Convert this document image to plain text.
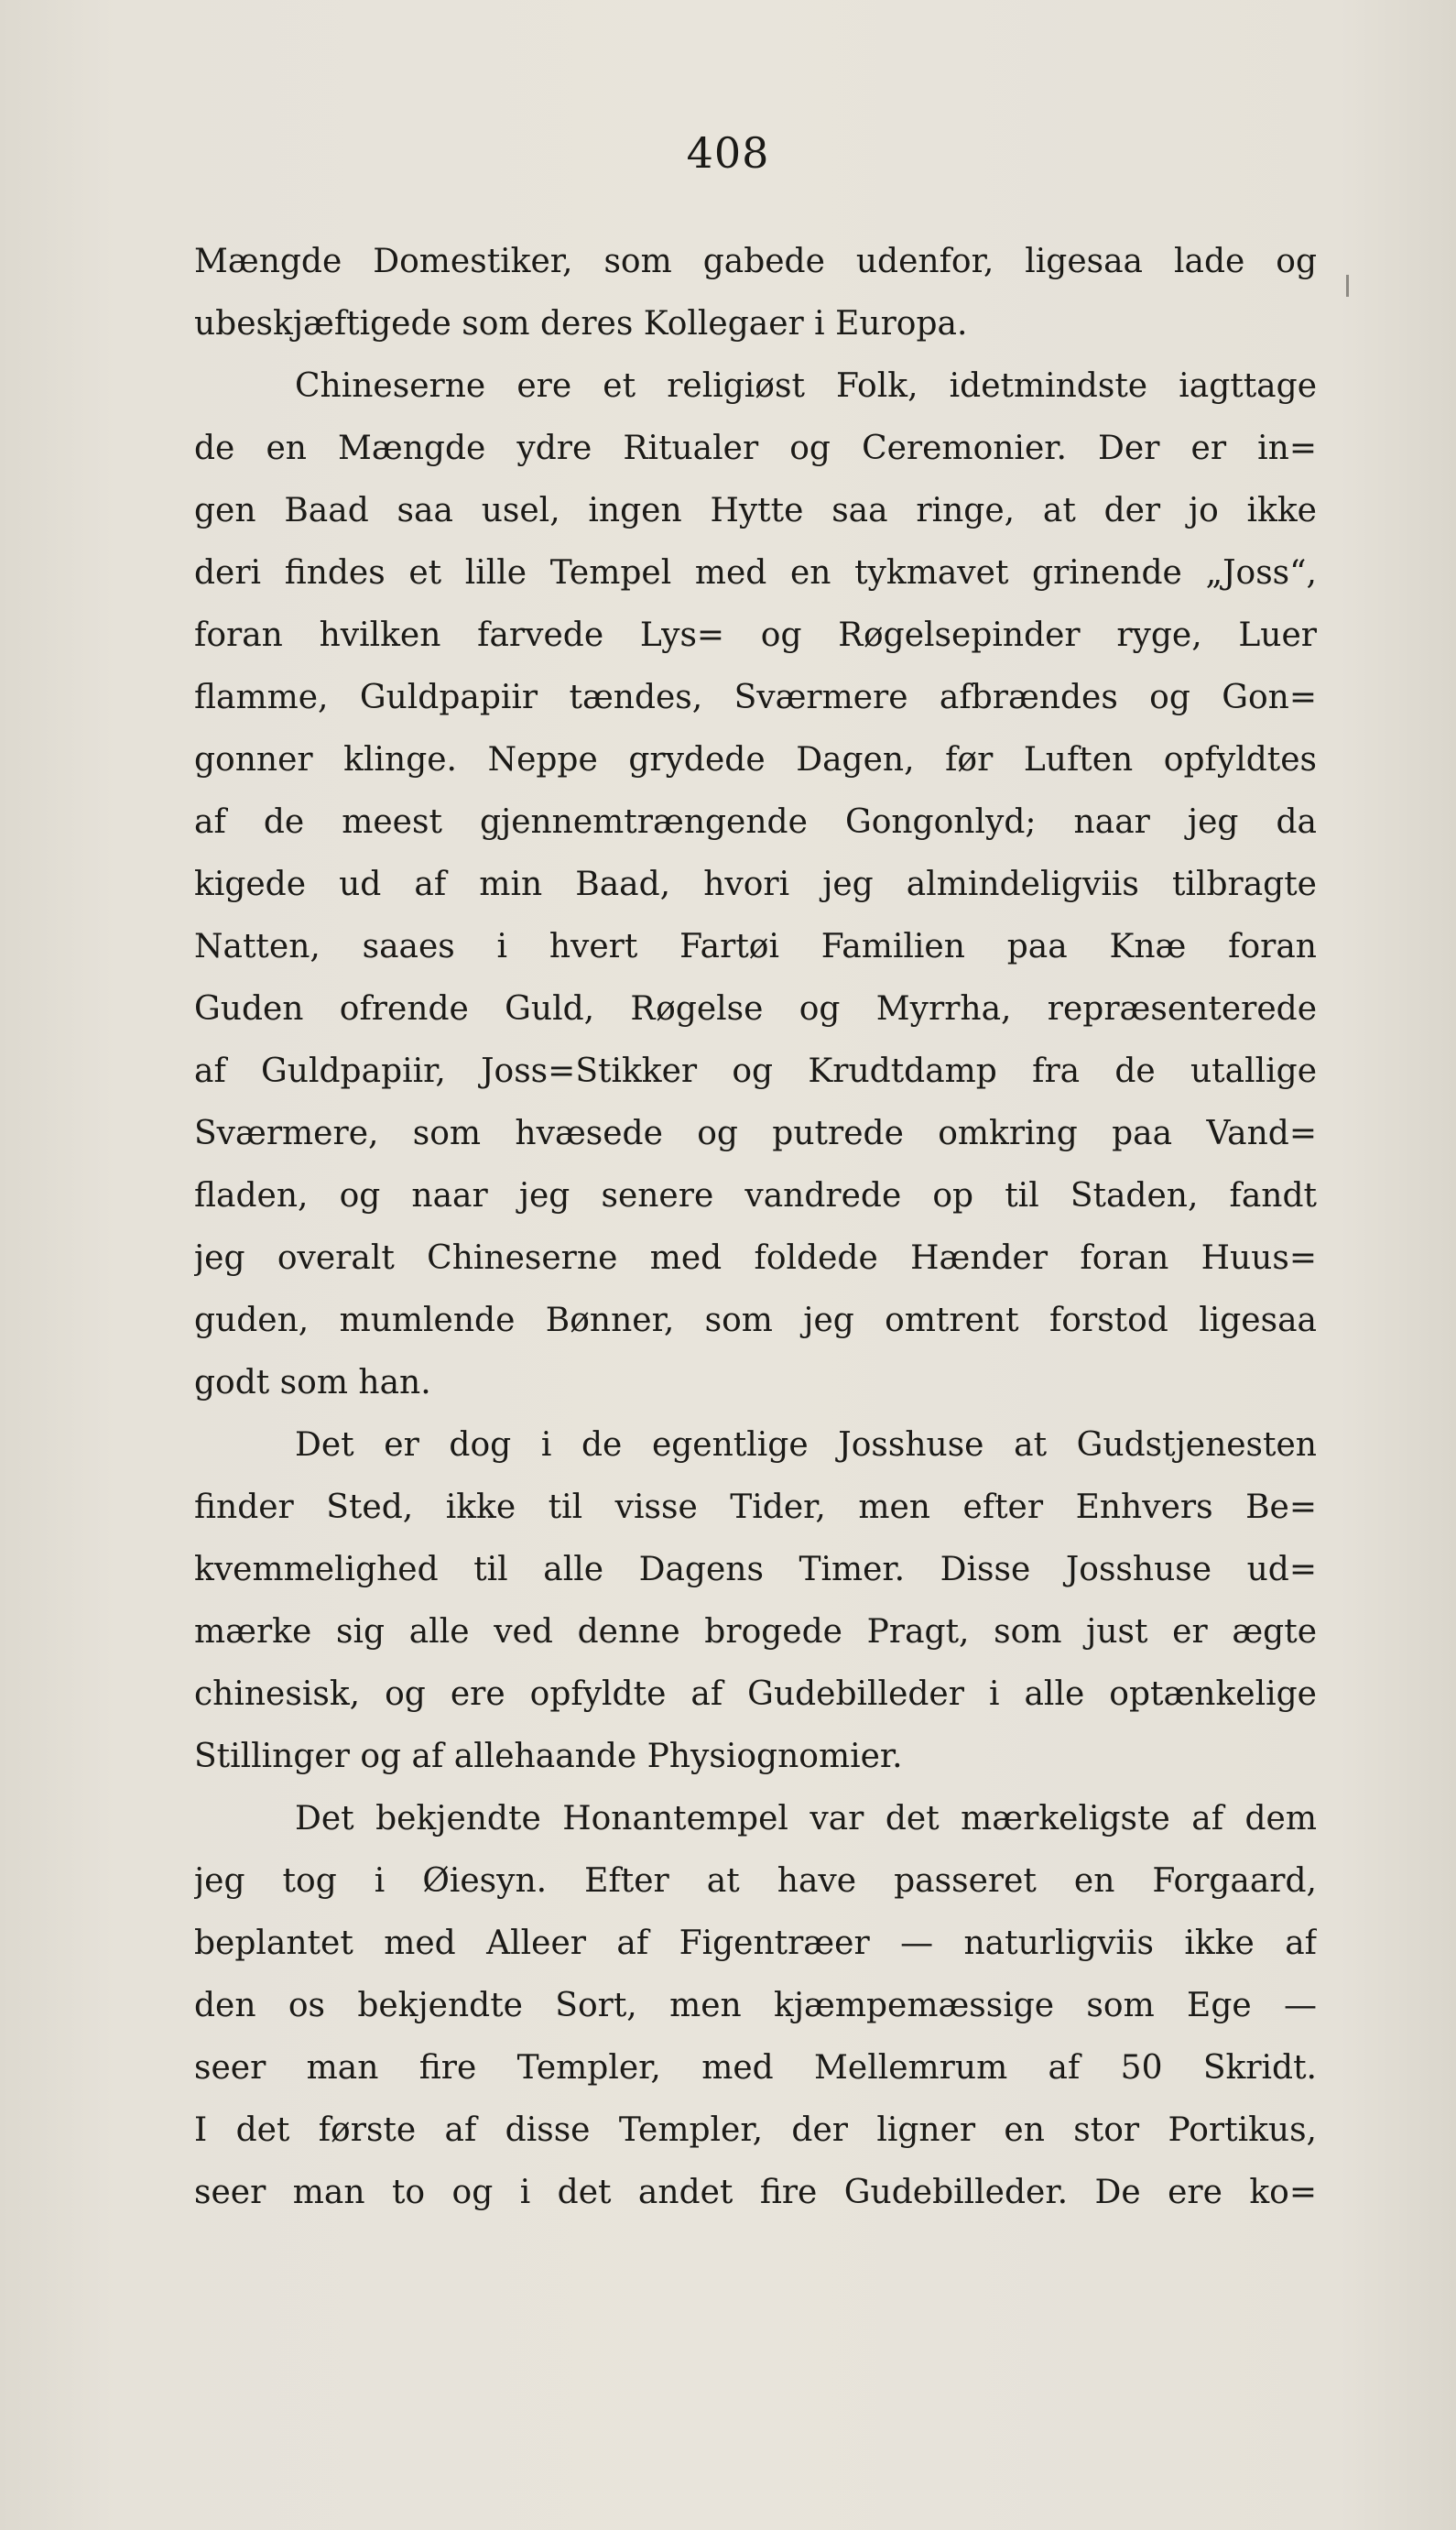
408
Mængde Domestiker, som gabede udenfor, ligesaa lade og
ubeskjæftigede som deres Kollegaer i Europa.
Chineserne ere et religiøst Folk, idetmindste iagttage
de en Mængde ydre Ritualer og Ceremonier. Der er in=
gen Baad saa usel, ingen Hytte saa ringe, at der jo ikke
deri findes et lille Tempel med en tykmavet grinende „Joss“,
foran hvilken farvede Lys= og Røgelsepinder ryge, Luer
flamme, Guldpapiir tændes, Sværmere afbrændes og Gon=
gonner klinge. Neppe grydede Dagen, før Luften opfyldtes
af de meest gjennemtrængende Gongonlyd; naar jeg da
kigede ud af min Baad, hvori jeg almindeligviis tilbragte
Natten, saaes i hvert Fartøi Familien paa Knæ foran
Guden ofrende Guld, Røgelse og Myrrha, repræsenterede
af Guldpapiir, Joss=Stikker og Krudtdamp fra de utallige
Sværmere, som hvæsede og putrede omkring paa Vand=
fladen, og naar jeg senere vandrede op til Staden, fandt
jeg overalt Chineserne med foldede Hænder foran Huus=
guden, mumlende Bønner, som jeg omtrent forstod ligesaa
godt som han.
Det er dog i de egentlige Josshuse at Gudstjenesten
finder Sted, ikke til visse Tider, men efter Enhvers Be=
kvemmelighed til alle Dagens Timer. Disse Josshuse ud=
mærke sig alle ved denne brogede Pragt, som just er ægte
chinesisk, og ere opfyldte af Gudebilleder i alle optænkelige
Stillinger og af allehaande Physiognomier.
Det bekjendte Honantempel var det mærkeligste af dem
jeg tog i Øiesyn. Efter at have passeret en Forgaard,
beplantet med Alleer af Figentræer — naturligviis ikke af
den os bekjendte Sort, men kjæmpemæssige som Ege —
seer man fire Templer, med Mellemrum af 50 Skridt.
I det første af disse Templer, der ligner en stor Portikus,
seer man to og i det andet fire Gudebilleder. De ere ko=
